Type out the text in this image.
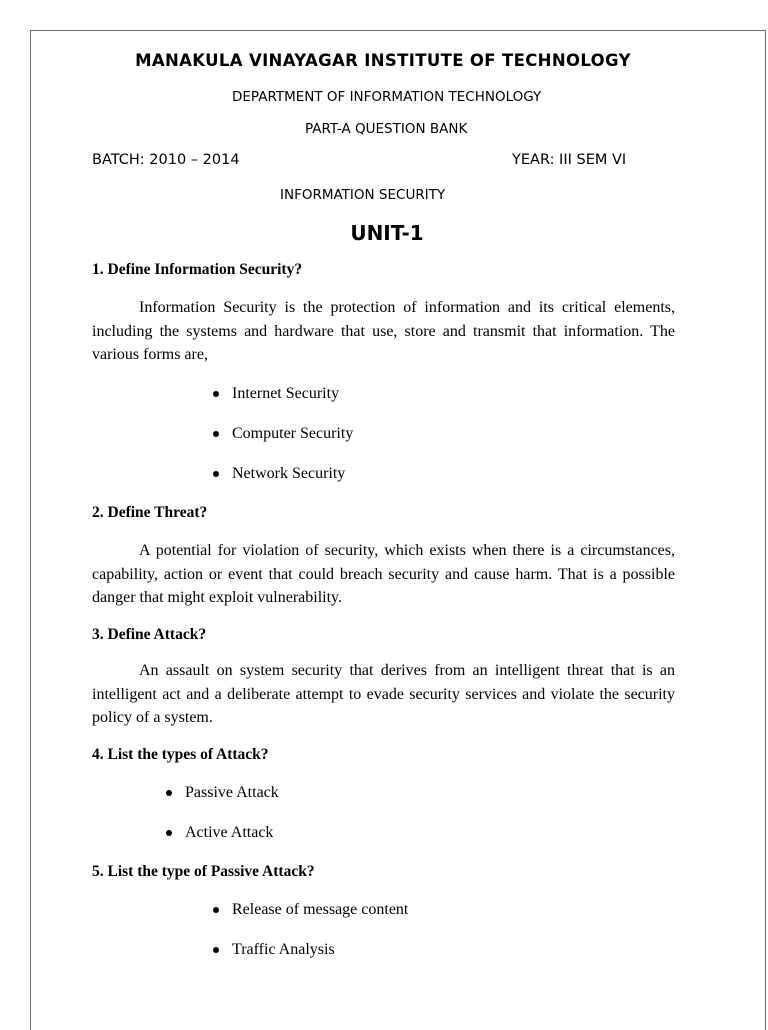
MANAKULA VINAYAGAR INSTITUTE OF TECHNOLOGY
DEPARTMENT OF INFORMATION TECHNOLOGY
PART-A QUESTION BANK
BATCH: 2010 – 2014	YEAR: III SEM VI
INFORMATION SECURITY
UNIT-1
1. Define Information Security?
Information Security is the protection of information and its critical elements, including the systems and hardware that use, store and transmit that information. The various forms are,
Internet Security
Computer Security
Network Security
2. Define Threat?
A potential for violation of security, which exists when there is a circumstances, capability, action or event that could breach security and cause harm. That is a possible danger that might exploit vulnerability.
3. Define Attack?
An assault on system security that derives from an intelligent threat that is an intelligent act and a deliberate attempt to evade security services and violate the security policy of a system.
4. List the types of Attack?
Passive Attack
Active Attack
5. List the type of Passive Attack?
Release of message content
Traffic Analysis
